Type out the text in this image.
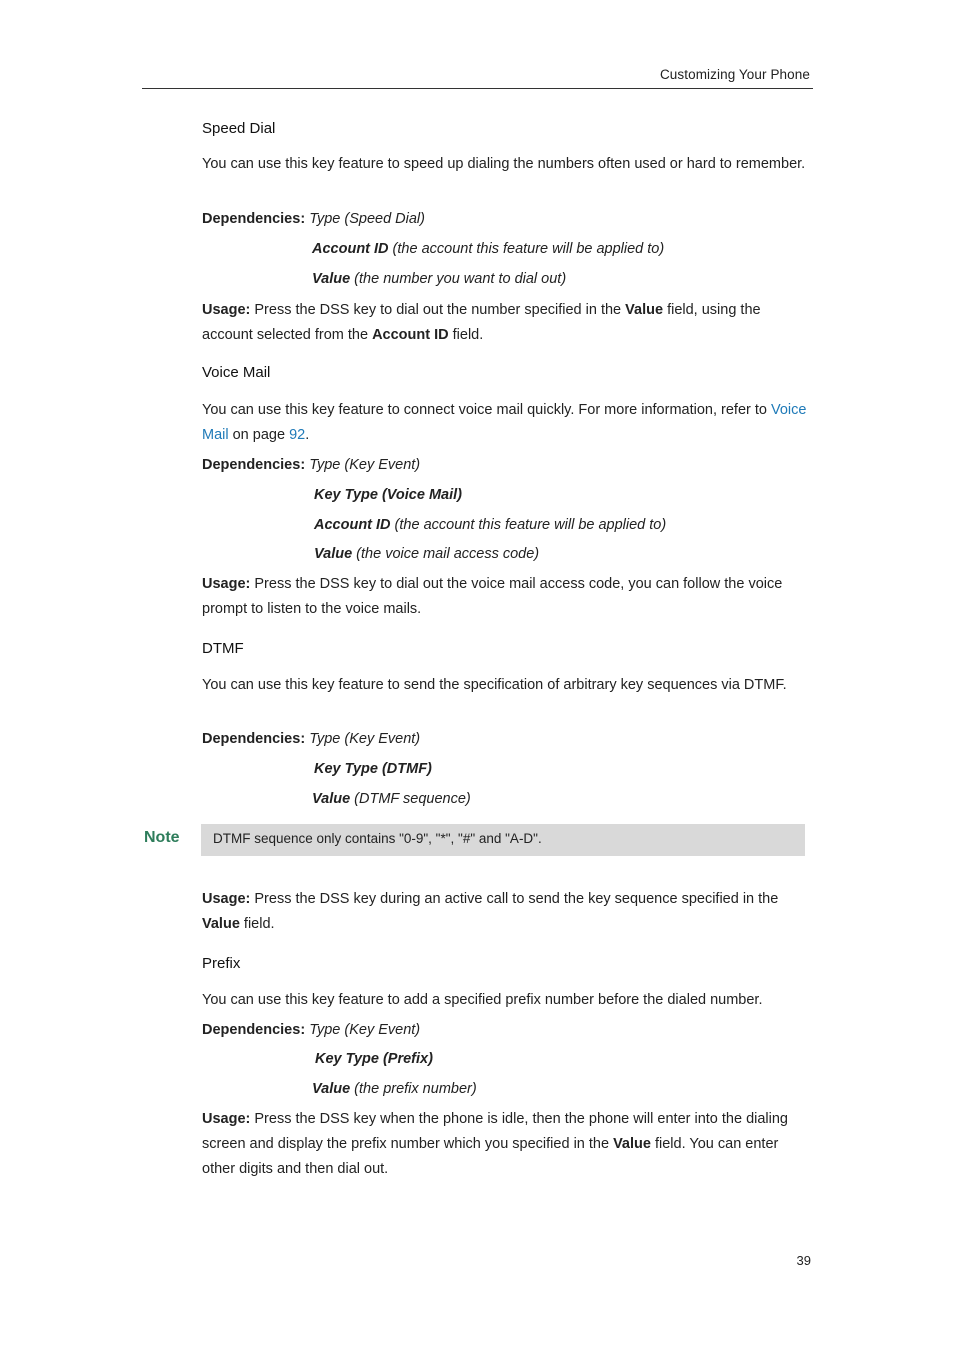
Customizing Your Phone
Speed Dial
You can use this key feature to speed up dialing the numbers often used or hard to remember.
Dependencies: Type (Speed Dial)
Account ID (the account this feature will be applied to)
Value (the number you want to dial out)
Usage: Press the DSS key to dial out the number specified in the Value field, using the account selected from the Account ID field.
Voice Mail
You can use this key feature to connect voice mail quickly. For more information, refer to Voice Mail on page 92.
Dependencies: Type (Key Event)
Key Type (Voice Mail)
Account ID (the account this feature will be applied to)
Value (the voice mail access code)
Usage: Press the DSS key to dial out the voice mail access code, you can follow the voice prompt to listen to the voice mails.
DTMF
You can use this key feature to send the specification of arbitrary key sequences via DTMF.
Dependencies: Type (Key Event)
Key Type (DTMF)
Value (DTMF sequence)
Note DTMF sequence only contains "0-9", "*", "#" and "A-D".
Usage: Press the DSS key during an active call to send the key sequence specified in the Value field.
Prefix
You can use this key feature to add a specified prefix number before the dialed number.
Dependencies: Type (Key Event)
Key Type (Prefix)
Value (the prefix number)
Usage: Press the DSS key when the phone is idle, then the phone will enter into the dialing screen and display the prefix number which you specified in the Value field. You can enter other digits and then dial out.
39
